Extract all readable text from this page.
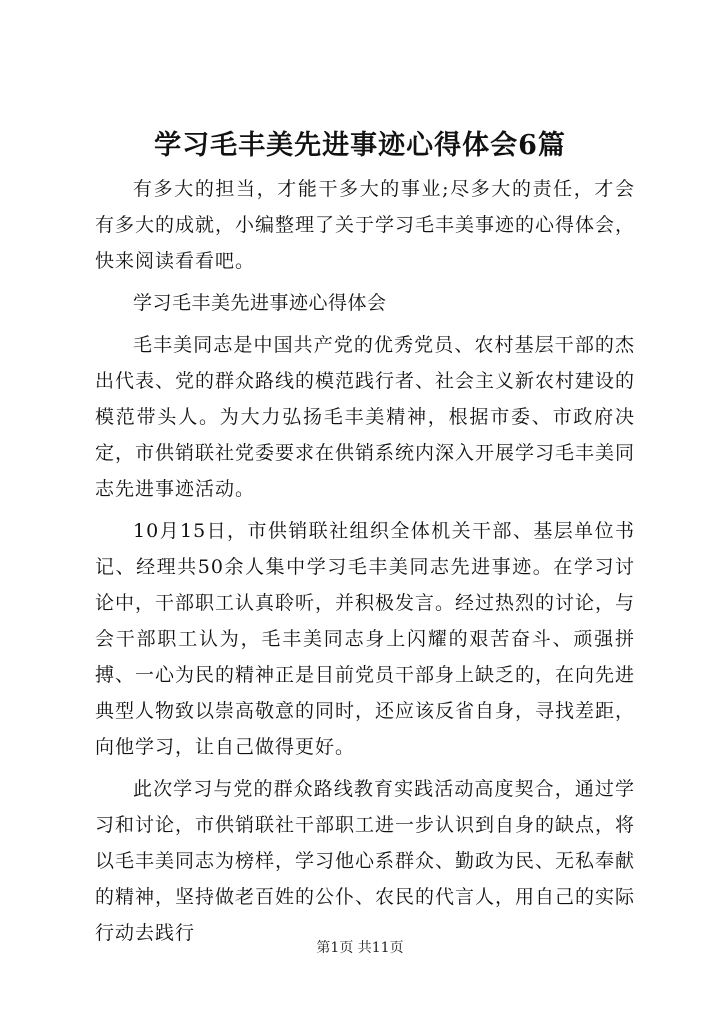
学习毛丰美先进事迹心得体会6篇

有多大的担当，才能干多大的事业;尽多大的责任，才会有多大的成就，小编整理了关于学习毛丰美事迹的心得体会，快来阅读看看吧。

学习毛丰美先进事迹心得体会

毛丰美同志是中国共产党的优秀党员、农村基层干部的杰出代表、党的群众路线的模范践行者、社会主义新农村建设的模范带头人。为大力弘扬毛丰美精神，根据市委、市政府决定，市供销联社党委要求在供销系统内深入开展学习毛丰美同志先进事迹活动。

10月15日，市供销联社组织全体机关干部、基层单位书记、经理共50余人集中学习毛丰美同志先进事迹。在学习讨论中，干部职工认真聆听，并积极发言。经过热烈的讨论，与会干部职工认为，毛丰美同志身上闪耀的艰苦奋斗、顽强拼搏、一心为民的精神正是目前党员干部身上缺乏的，在向先进典型人物致以崇高敬意的同时，还应该反省自身，寻找差距，向他学习，让自己做得更好。

此次学习与党的群众路线教育实践活动高度契合，通过学习和讨论，市供销联社干部职工进一步认识到自身的缺点，将以毛丰美同志为榜样，学习他心系群众、勤政为民、无私奉献的精神，坚持做老百姓的公仆、农民的代言人，用自己的实际行动去践行

第1页 共11页
